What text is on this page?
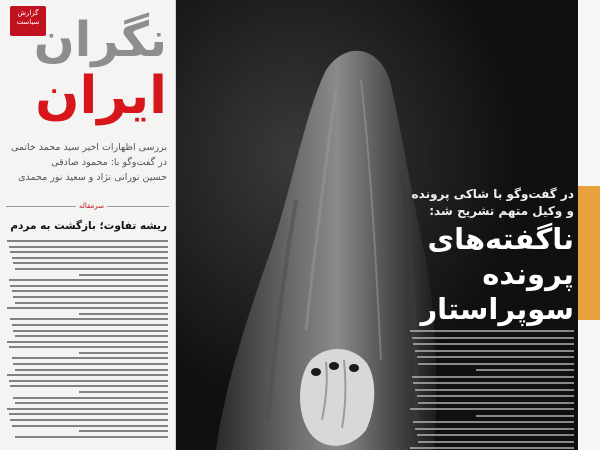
گزارش سیاست
نگران
ایران
بررسی اظهارات اخیر سید محمد خاتمی
در گفت‌وگو با: محمود صادقی
حسین نورانی نژاد و سعید نور محمدی
سرمقاله
ریشه تفاوت؛ بازگشت به مردم
در گفت‌وگو با شاکی پرونده
و وکیل متهم تشریح شد:
ناگفته‌های
پرونده
سوپراستار
